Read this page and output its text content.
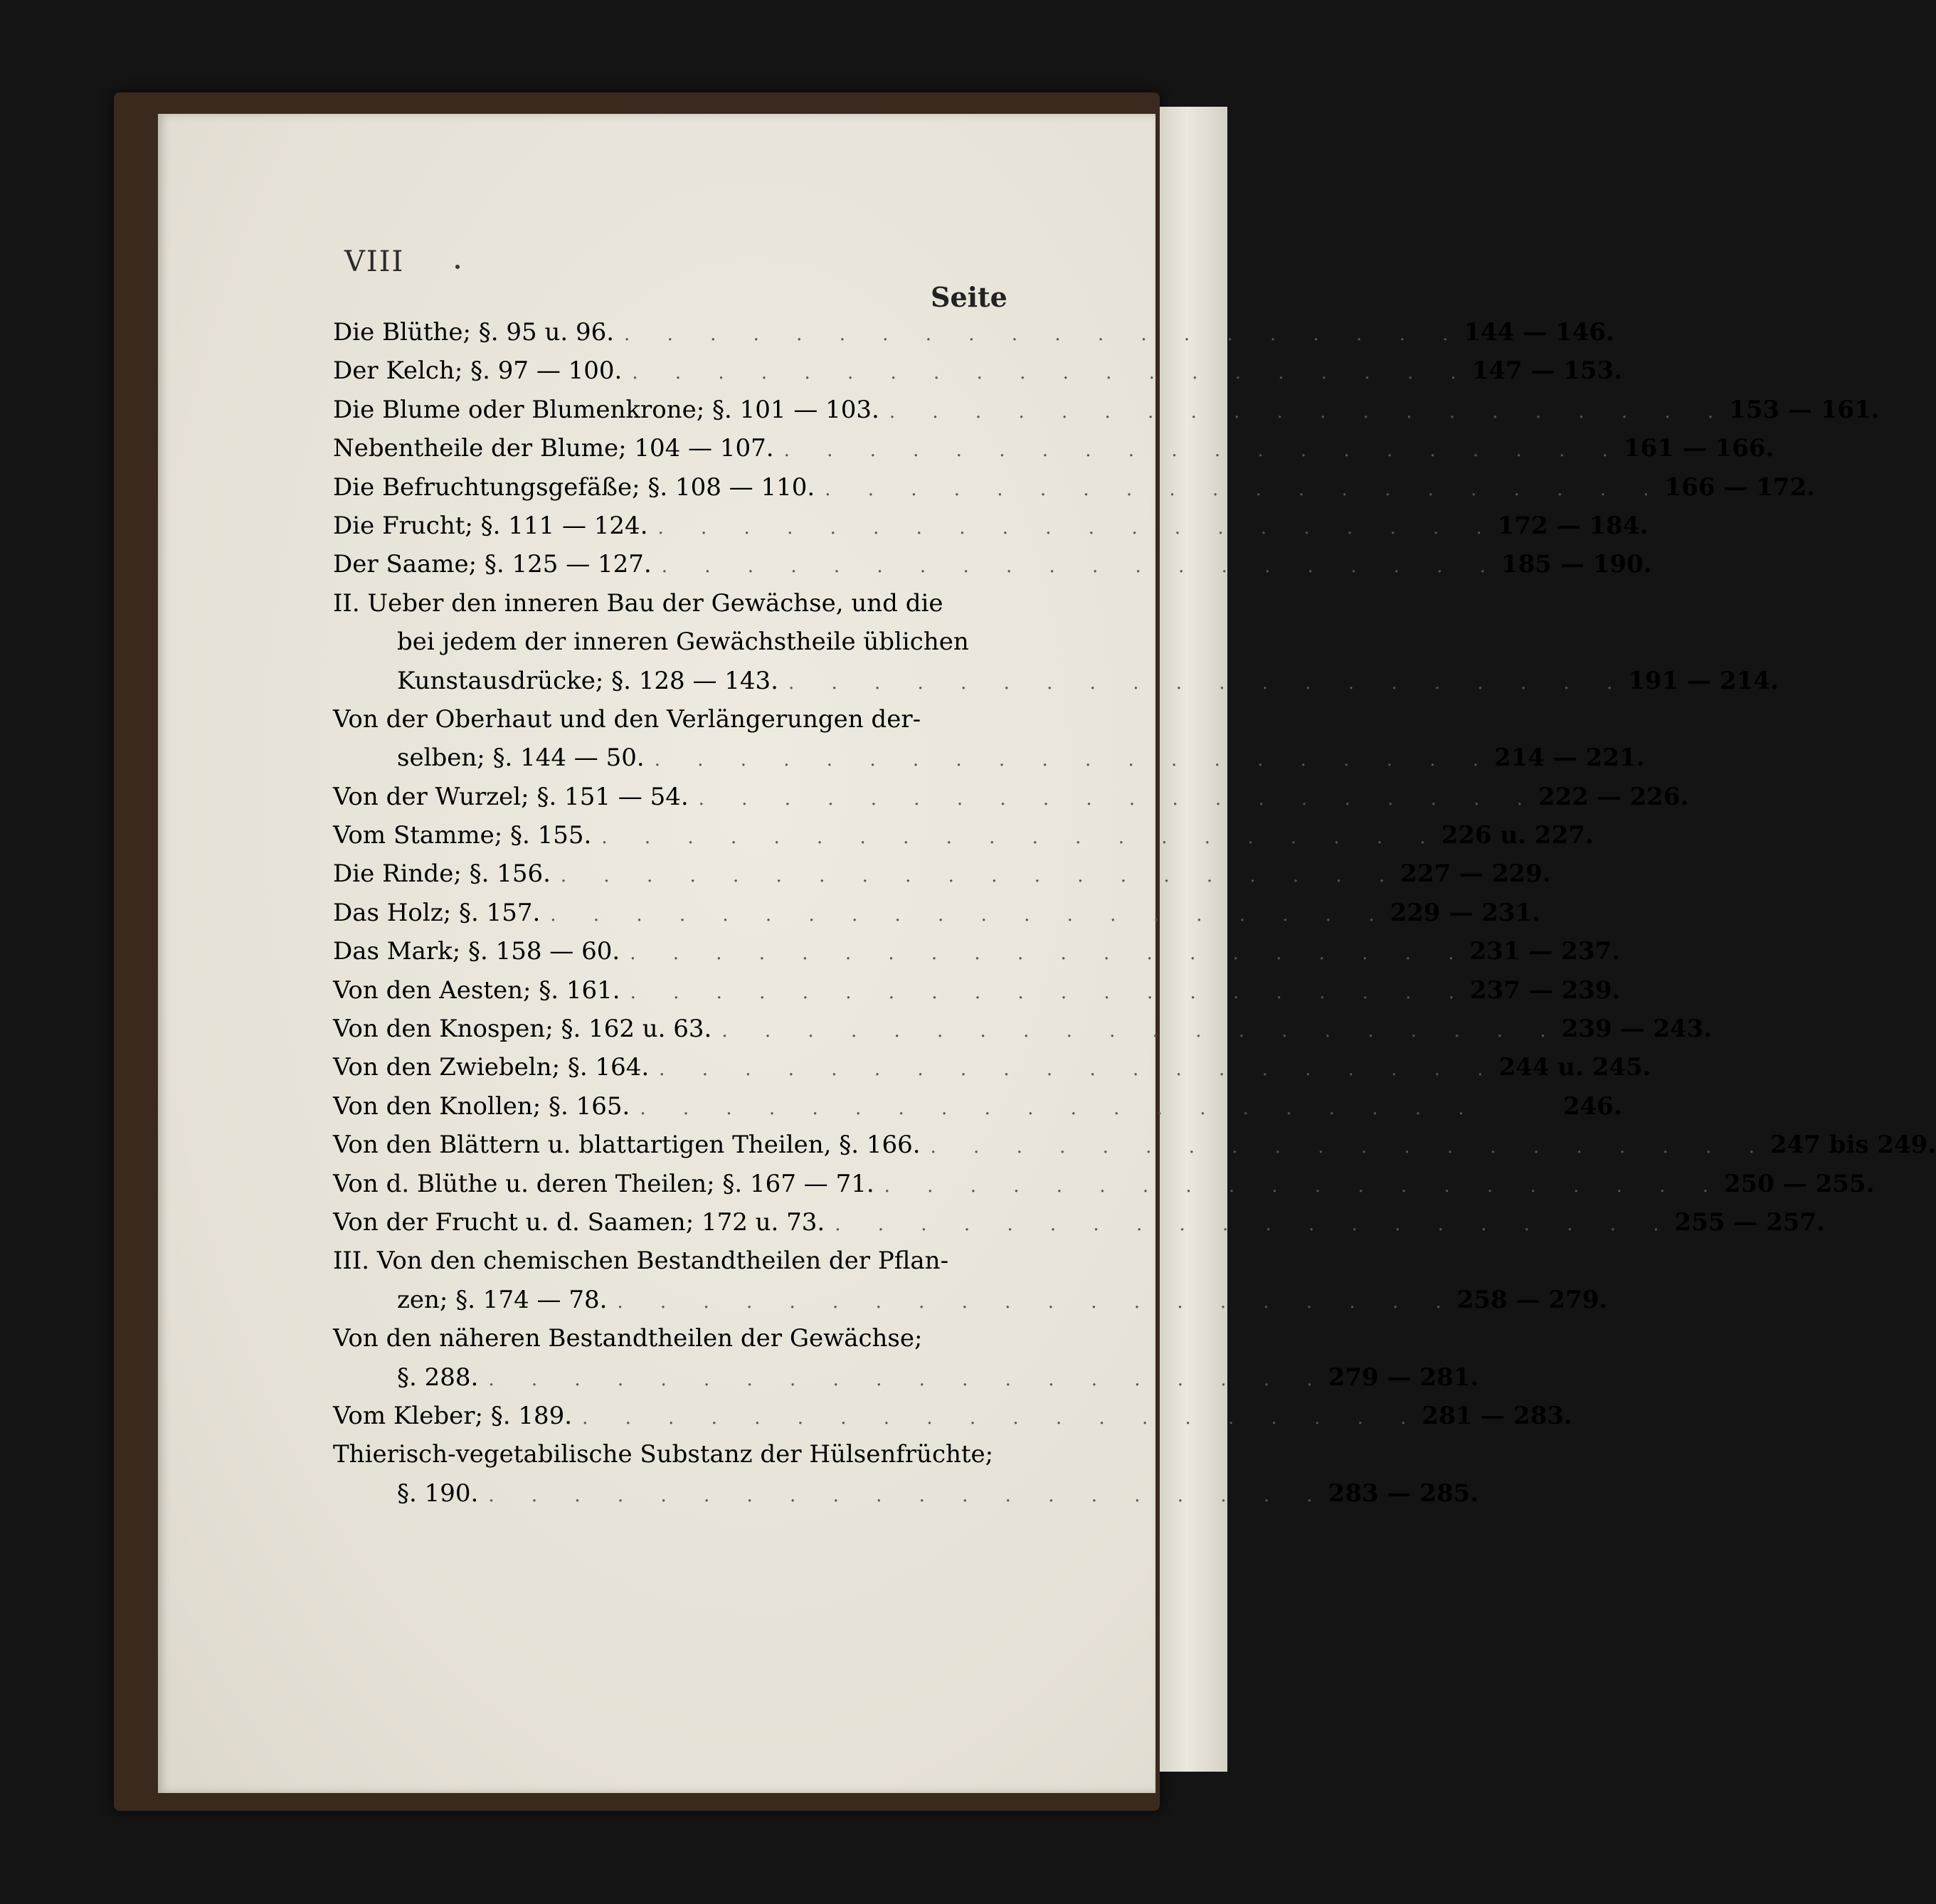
VIII
Seite
Die Blüthe; §. 95 u. 96. . . . . . . . . . . . . . . . . . . . . 144 — 146.
Der Kelch; §. 97 — 100. . . . . . . . . . . . . . . . . . . . . 147 — 153.
Die Blume oder Blumenkrone; §. 101 — 103. . . . . . . . . . . . . . . . . . . . . 153 — 161.
Nebentheile der Blume; 104 — 107. . . . . . . . . . . . . . . . . . . . . 161 — 166.
Die Befruchtungsgefäße; §. 108 — 110. . . . . . . . . . . . . . . . . . . . . 166 — 172.
Die Frucht; §. 111 — 124. . . . . . . . . . . . . . . . . . . . . 172 — 184.
Der Saame; §. 125 — 127. . . . . . . . . . . . . . . . . . . . . 185 — 190.
II. Ueber den inneren Bau der Gewächse, und die
bei jedem der inneren Gewächstheile üblichen
Kunstausdrücke; §. 128 — 143. . . . . . . . . . . . . . . . . . . . . 191 — 214.
Von der Oberhaut und den Verlängerungen der-
selben; §. 144 — 50. . . . . . . . . . . . . . . . . . . . . 214 — 221.
Von der Wurzel; §. 151 — 54. . . . . . . . . . . . . . . . . . . . . 222 — 226.
Vom Stamme; §. 155. . . . . . . . . . . . . . . . . . . . . 226 u. 227.
Die Rinde; §. 156. . . . . . . . . . . . . . . . . . . . . 227 — 229.
Das Holz; §. 157. . . . . . . . . . . . . . . . . . . . . 229 — 231.
Das Mark; §. 158 — 60. . . . . . . . . . . . . . . . . . . . . 231 — 237.
Von den Aesten; §. 161. . . . . . . . . . . . . . . . . . . . . 237 — 239.
Von den Knospen; §. 162 u. 63. . . . . . . . . . . . . . . . . . . . . 239 — 243.
Von den Zwiebeln; §. 164. . . . . . . . . . . . . . . . . . . . . 244 u. 245.
Von den Knollen; §. 165. . . . . . . . . . . . . . . . . . . . .	246.
Von den Blättern u. blattartigen Theilen, §. 166. . . . . . . . . . . . . . . . . . . . . 247 bis 249.
Von d. Blüthe u. deren Theilen; §. 167 — 71. . . . . . . . . . . . . . . . . . . . . 250 — 255.
Von der Frucht u. d. Saamen; 172 u. 73. . . . . . . . . . . . . . . . . . . . . 255 — 257.
III. Von den chemischen Bestandtheilen der Pflan-
zen; §. 174 — 78. . . . . . . . . . . . . . . . . . . . . 258 — 279.
Von den näheren Bestandtheilen der Gewächse;
§. 288. . . . . . . . . . . . . . . . . . . . . 279 — 281.
Vom Kleber; §. 189. . . . . . . . . . . . . . . . . . . . . 281 — 283.
Thierisch-vegetabilische Substanz der Hülsenfrüchte;
§. 190. . . . . . . . . . . . . . . . . . . . . 283 — 285.
